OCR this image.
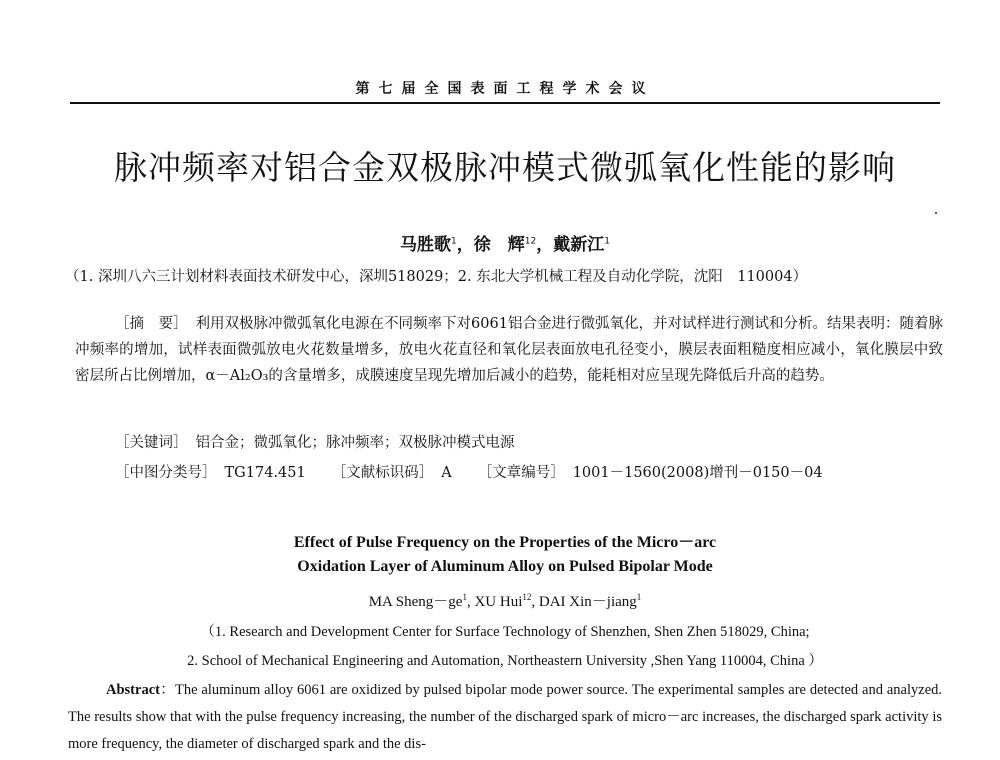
第七届全国表面工程学术会议
脉冲频率对铝合金双极脉冲模式微弧氧化性能的影响
马胜歌$^1$，徐　辉$^{12}$，戴新江$^1$
（1. 深圳八六三计划材料表面技术研发中心，深圳518029；2. 东北大学机械工程及自动化学院，沈阳　110004）
［摘　要］ 利用双极脉冲微弧氧化电源在不同频率下对6061铝合金进行微弧氧化，并对试样进行测试和分析。结果表明：随着脉冲频率的增加，试样表面微弧放电火花数量增多，放电火花直径和氧化层表面放电孔径变小，膜层表面粗糙度相应减小，氧化膜层中致密层所占比例增加，α－Al₂O₃的含量增多，成膜速度呈现先增加后减小的趋势，能耗相对应呈现先降低后升高的趋势。
［关键词］ 铝合金；微弧氧化；脉冲频率；双极脉冲模式电源
［中图分类号］ TG174.451 ［文献标识码］ A ［文章编号］ 1001－1560(2008)增刊－0150－04
Effect of Pulse Frequency on the Properties of the Micro－arc
Oxidation Layer of Aluminum Alloy on Pulsed Bipolar Mode
MA $Sheng-ge^1$, XU Hui$^{12}$, DAI Xin－jiang$^1$
（1. Research and Development Center for Surface Technology of Shenzhen, Shen Zhen 518029, China;
2. School of Mechanical Engineering and Automation, Northeastern University ,Shen Yang 110004, China ）
Abstract：The aluminum alloy 6061 are oxidized by pulsed bipolar mode power source. The experimental samples are detected and analyzed. The results show that with the pulse frequency increasing, the number of the discharged spark of micro－arc increases, the discharged spark activity is more frequency, the diameter of discharged spark and the dis-
